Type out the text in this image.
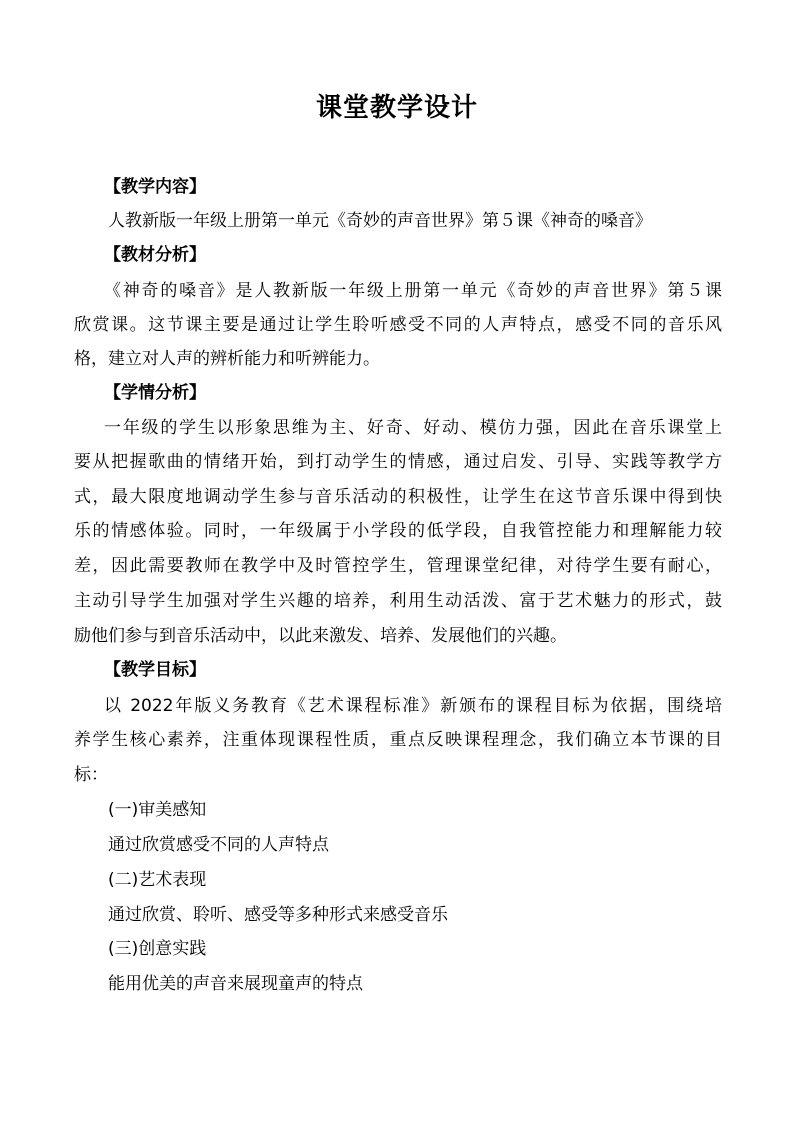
课堂教学设计
【教学内容】
人教新版一年级上册第一单元《奇妙的声音世界》第５课《神奇的嗓音》
【教材分析】
《神奇的嗓音》是人教新版一年级上册第一单元《奇妙的声音世界》第５课
欣赏课。这节课主要是通过让学生聆听感受不同的人声特点，感受不同的音乐风
格，建立对人声的辨析能力和听辨能力。
【学情分析】
一年级的学生以形象思维为主、好奇、好动、模仿力强，因此在音乐课堂上
要从把握歌曲的情绪开始，到打动学生的情感，通过启发、引导、实践等教学方
式，最大限度地调动学生参与音乐活动的积极性，让学生在这节音乐课中得到快
乐的情感体验。同时，一年级属于小学段的低学段，自我管控能力和理解能力较
差，因此需要教师在教学中及时管控学生，管理课堂纪律，对待学生要有耐心，
主动引导学生加强对学生兴趣的培养，利用生动活泼、富于艺术魅力的形式，鼓
励他们参与到音乐活动中，以此来激发、培养、发展他们的兴趣。
【教学目标】
以 2022年版义务教育《艺术课程标准》新颁布的课程目标为依据，围绕培
养学生核心素养，注重体现课程性质，重点反映课程理念，我们确立本节课的目
标：
(一)审美感知
通过欣赏感受不同的人声特点
(二)艺术表现
通过欣赏、聆听、感受等多种形式来感受音乐
(三)创意实践
能用优美的声音来展现童声的特点
